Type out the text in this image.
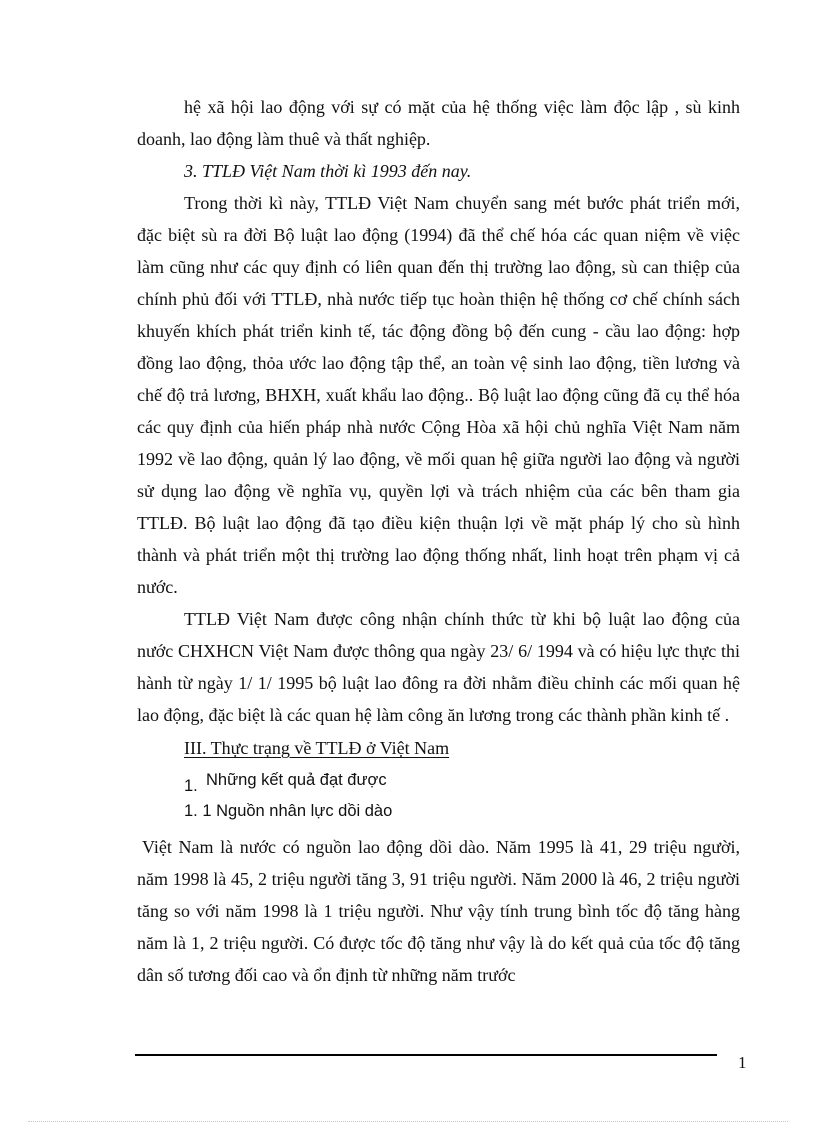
hệ xã hội lao động với sự có mặt của hệ thống việc làm độc lập , sù kinh doanh, lao động làm thuê và thất nghiệp.

3. TTLĐ Việt Nam thời kì 1993 đến nay.

Trong thời kì này, TTLĐ Việt Nam chuyển sang mét bước phát triển mới, đặc biệt sù ra đời Bộ luật lao động (1994) đã thể chế hóa các quan niệm về việc làm cũng như các quy định có liên quan đến thị trường lao động, sù can thiệp của chính phủ đối với TTLĐ, nhà nước tiếp tục hoàn thiện hệ thống cơ chế chính sách khuyến khích phát triển kinh tế, tác động đồng bộ đến cung - cầu lao động: hợp đồng lao động, thỏa ước lao động tập thể, an toàn vệ sinh lao động, tiền lương và chế độ trả lương, BHXH, xuất khẩu lao động.. Bộ luật lao động cũng đã cụ thể hóa các quy định của hiến pháp nhà nước Cộng Hòa xã hội chủ nghĩa Việt Nam năm 1992 về lao động, quản lý lao động, về mối quan hệ giữa người lao động và người sử dụng lao động về nghĩa vụ, quyền lợi và trách nhiệm của các bên tham gia TTLĐ. Bộ luật lao động đã tạo điều kiện thuận lợi về mặt pháp lý cho sù hình thành và phát triển một thị trường lao động thống nhất, linh hoạt trên phạm vị cả nước.

TTLĐ Việt Nam được công nhận chính thức từ khi bộ luật lao động của nước CHXHCN Việt Nam được thông qua ngày 23/ 6/ 1994 và có hiệu lực thực thi hành từ ngày 1/ 1/ 1995 bộ luật lao đông ra đời nhằm điều chỉnh các mối quan hệ lao động, đặc biệt là các quan hệ làm công ăn lương trong các thành phần kinh tế .

III. Thực trạng về TTLĐ ở Việt Nam

1. Những kết quả đạt được

1. 1 Nguồn nhân lực dồi dào

Việt Nam là nước có nguồn lao động dồi dào. Năm 1995 là 41, 29 triệu người, năm 1998 là 45, 2 triệu người tăng 3, 91 triệu người. Năm 2000 là 46, 2 triệu người tăng so với năm 1998 là 1 triệu người. Như vậy tính trung bình tốc độ tăng hàng năm là 1, 2 triệu người. Có được tốc độ tăng như vậy là do kết quả của tốc độ tăng dân số tương đối cao và ổn định từ những năm trước

1
